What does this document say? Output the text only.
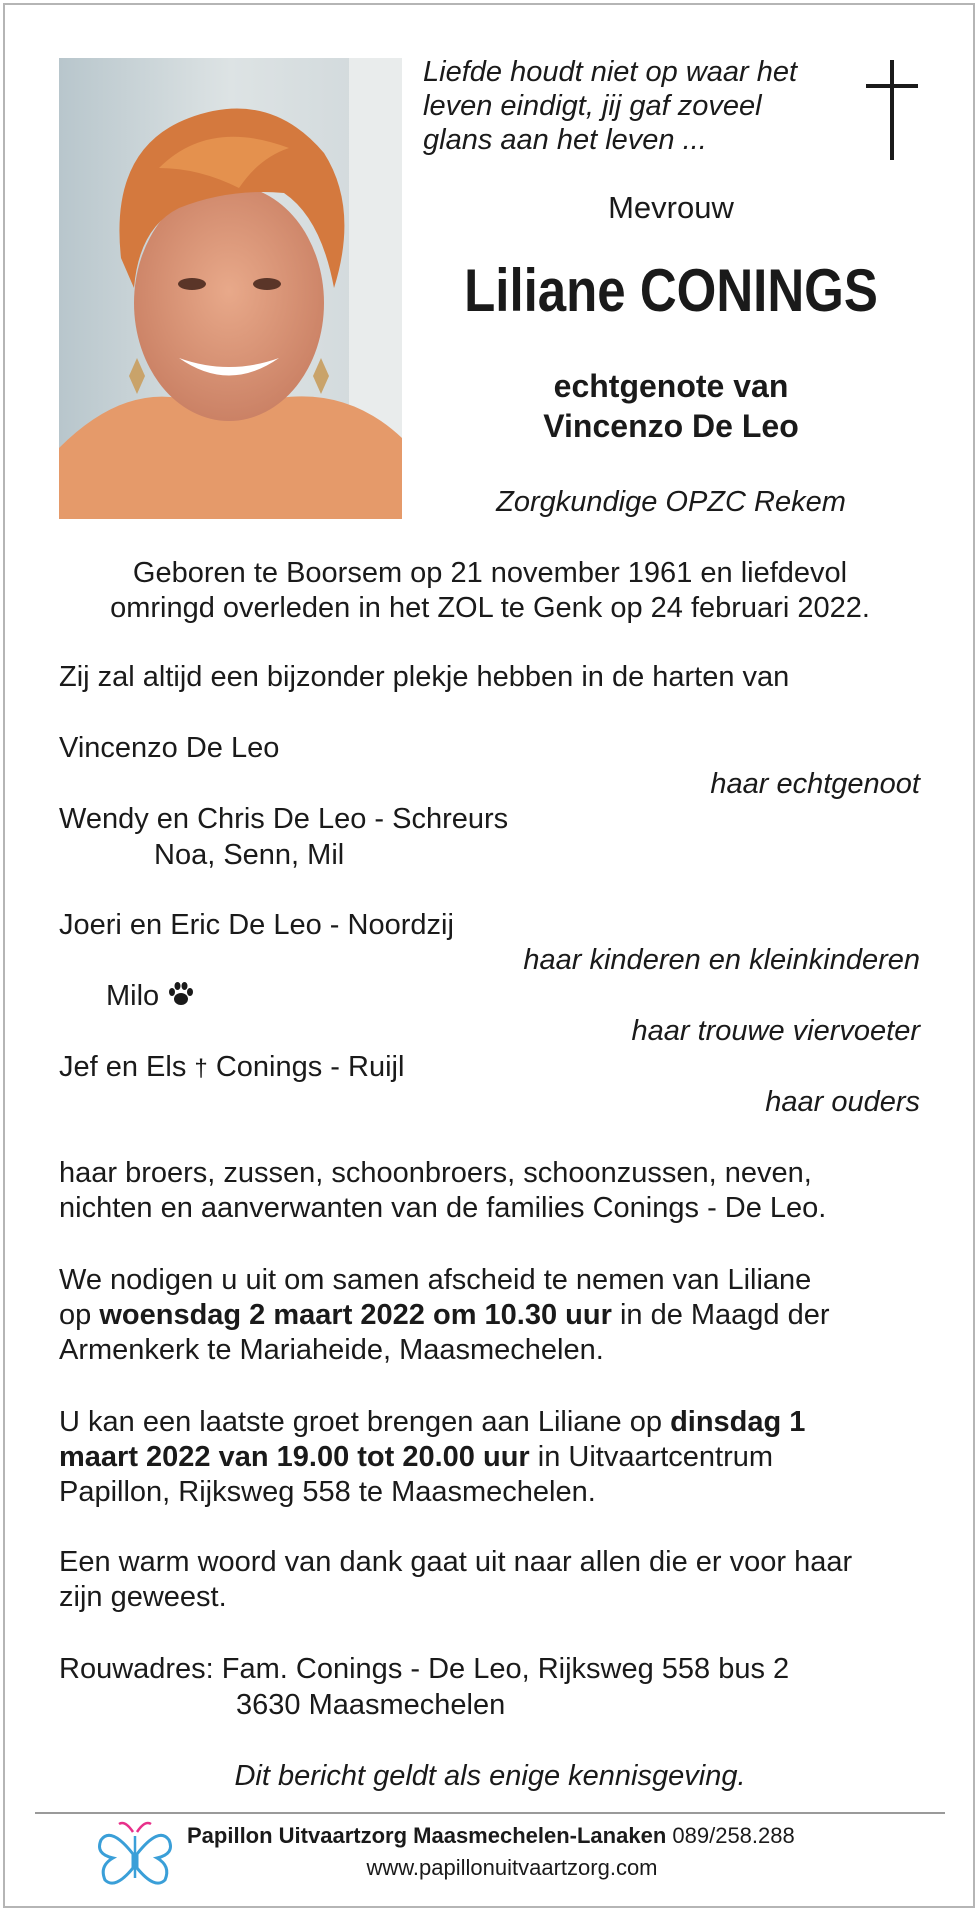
Liefde houdt niet op waar het
leven eindigt, jij gaf zoveel
glans aan het leven ...
Mevrouw
Liliane CONINGS
echtgenote van
Vincenzo De Leo
Zorgkundige OPZC Rekem
Geboren te Boorsem op 21 november 1961 en liefdevol
omringd overleden in het ZOL te Genk op 24 februari 2022.
Zij zal altijd een bijzonder plekje hebben in de harten van
Vincenzo De Leo
haar echtgenoot
Wendy en Chris De Leo - Schreurs
Noa, Senn, Mil
Joeri en Eric De Leo - Noordzij
haar kinderen en kleinkinderen
Milo
haar trouwe viervoeter
Jef en Els † Conings - Ruijl
haar ouders
haar broers, zussen, schoonbroers, schoonzussen, neven,
nichten en aanverwanten van de families Conings - De Leo.
We nodigen u uit om samen afscheid te nemen van Liliane
op woensdag 2 maart 2022 om 10.30 uur in de Maagd der
Armenkerk te Mariaheide, Maasmechelen.
U kan een laatste groet brengen aan Liliane op dinsdag 1
maart 2022 van 19.00 tot 20.00 uur in Uitvaartcentrum
Papillon, Rijksweg 558 te Maasmechelen.
Een warm woord van dank gaat uit naar allen die er voor haar
zijn geweest.
Rouwadres: Fam. Conings - De Leo, Rijksweg 558 bus 2
3630 Maasmechelen
Dit bericht geldt als enige kennisgeving.
Papillon Uitvaartzorg Maasmechelen-Lanaken 089/258.288
www.papillonuitvaartzorg.com
